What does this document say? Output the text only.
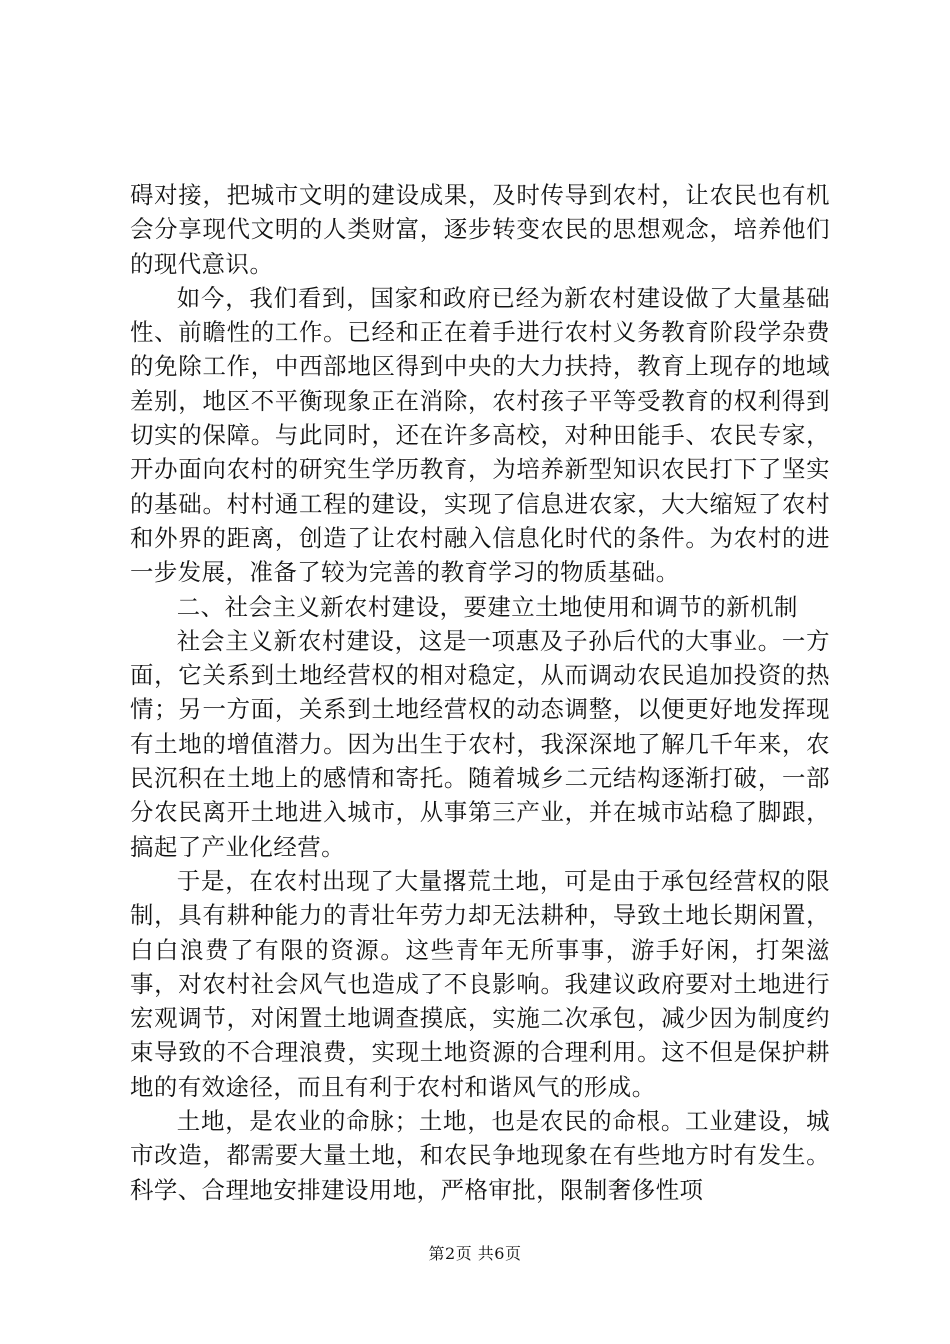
碍对接，把城市文明的建设成果，及时传导到农村，让农民也有机会分享现代文明的人类财富，逐步转变农民的思想观念，培养他们的现代意识。

如今，我们看到，国家和政府已经为新农村建设做了大量基础性、前瞻性的工作。已经和正在着手进行农村义务教育阶段学杂费的免除工作，中西部地区得到中央的大力扶持，教育上现存的地域差别，地区不平衡现象正在消除，农村孩子平等受教育的权利得到切实的保障。与此同时，还在许多高校，对种田能手、农民专家，开办面向农村的研究生学历教育，为培养新型知识农民打下了坚实的基础。村村通工程的建设，实现了信息进农家，大大缩短了农村和外界的距离，创造了让农村融入信息化时代的条件。为农村的进一步发展，准备了较为完善的教育学习的物质基础。

二、社会主义新农村建设，要建立土地使用和调节的新机制

社会主义新农村建设，这是一项惠及子孙后代的大事业。一方面，它关系到土地经营权的相对稳定，从而调动农民追加投资的热情；另一方面，关系到土地经营权的动态调整，以便更好地发挥现有土地的增值潜力。因为出生于农村，我深深地了解几千年来，农民沉积在土地上的感情和寄托。随着城乡二元结构逐渐打破，一部分农民离开土地进入城市，从事第三产业，并在城市站稳了脚跟，搞起了产业化经营。

于是，在农村出现了大量撂荒土地，可是由于承包经营权的限制，具有耕种能力的青壮年劳力却无法耕种，导致土地长期闲置，白白浪费了有限的资源。这些青年无所事事，游手好闲，打架滋事，对农村社会风气也造成了不良影响。我建议政府要对土地进行宏观调节，对闲置土地调查摸底，实施二次承包，减少因为制度约束导致的不合理浪费，实现土地资源的合理利用。这不但是保护耕地的有效途径，而且有利于农村和谐风气的形成。

土地，是农业的命脉；土地，也是农民的命根。工业建设，城市改造，都需要大量土地，和农民争地现象在有些地方时有发生。科学、合理地安排建设用地，严格审批，限制奢侈性项

第2页 共6页
